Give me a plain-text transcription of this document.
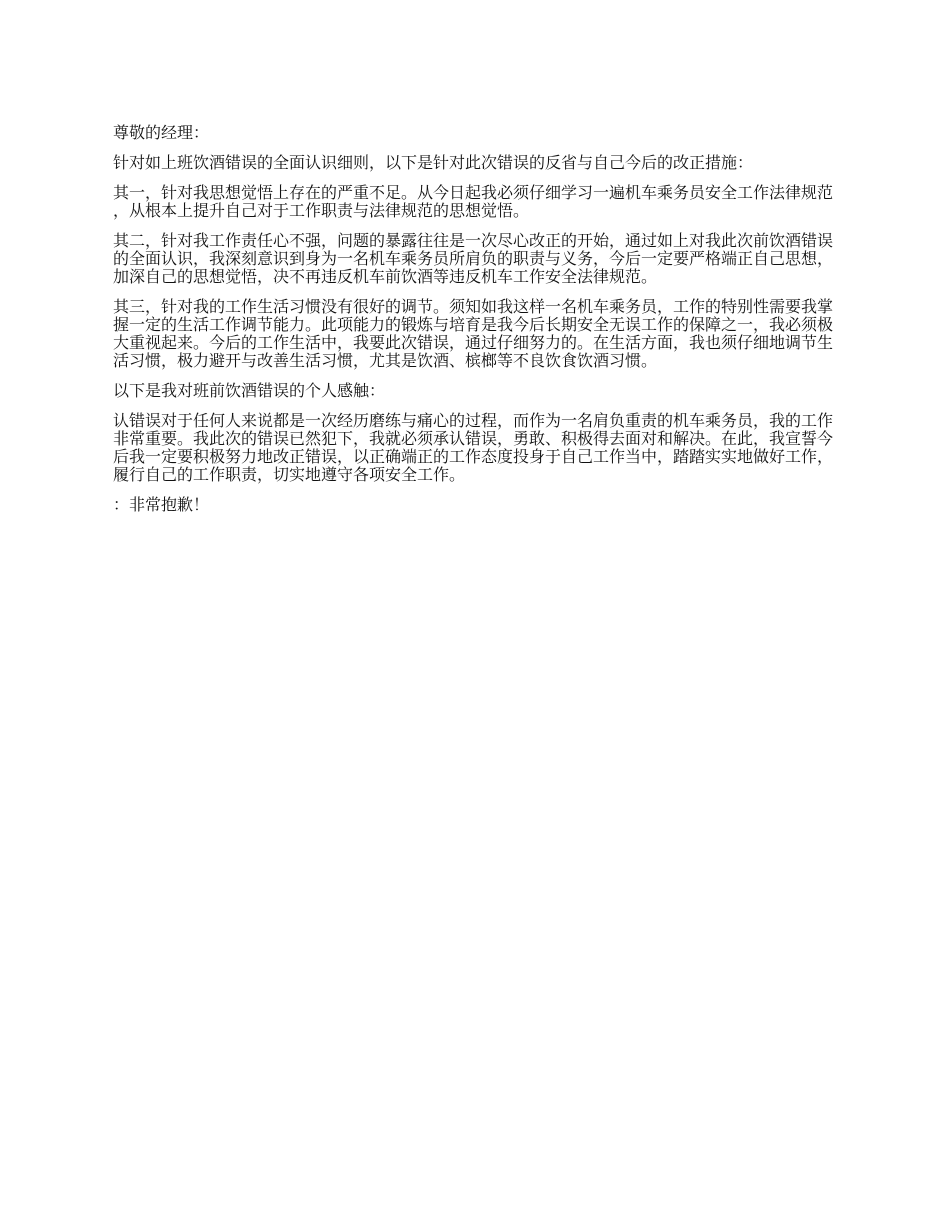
尊敬的经理：

针对如上班饮酒错误的全面认识细则，以下是针对此次错误的反省与自己今后的改正措施：

其一，针对我思想觉悟上存在的严重不足。从今日起我必须仔细学习一遍机车乘务员安全工作法律规范，从根本上提升自己对于工作职责与法律规范的思想觉悟。

其二，针对我工作责任心不强，问题的暴露往往是一次尽心改正的开始，通过如上对我此次前饮酒错误的全面认识，我深刻意识到身为一名机车乘务员所肩负的职责与义务，今后一定要严格端正自己思想，加深自己的思想觉悟，决不再违反机车前饮酒等违反机车工作安全法律规范。

其三，针对我的工作生活习惯没有很好的调节。须知如我这样一名机车乘务员，工作的特别性需要我掌握一定的生活工作调节能力。此项能力的锻炼与培育是我今后长期安全无误工作的保障之一，我必须极大重视起来。今后的工作生活中，我要此次错误，通过仔细努力的。在生活方面，我也须仔细地调节生活习惯，极力避开与改善生活习惯，尤其是饮酒、槟榔等不良饮食饮酒习惯。

以下是我对班前饮酒错误的个人感触：

认错误对于任何人来说都是一次经历磨练与痛心的过程，而作为一名肩负重责的机车乘务员，我的工作非常重要。我此次的错误已然犯下，我就必须承认错误，勇敢、积极得去面对和解决。在此，我宣誓今后我一定要积极努力地改正错误，以正确端正的工作态度投身于自己工作当中，踏踏实实地做好工作，履行自己的工作职责，切实地遵守各项安全工作。

：非常抱歉！
